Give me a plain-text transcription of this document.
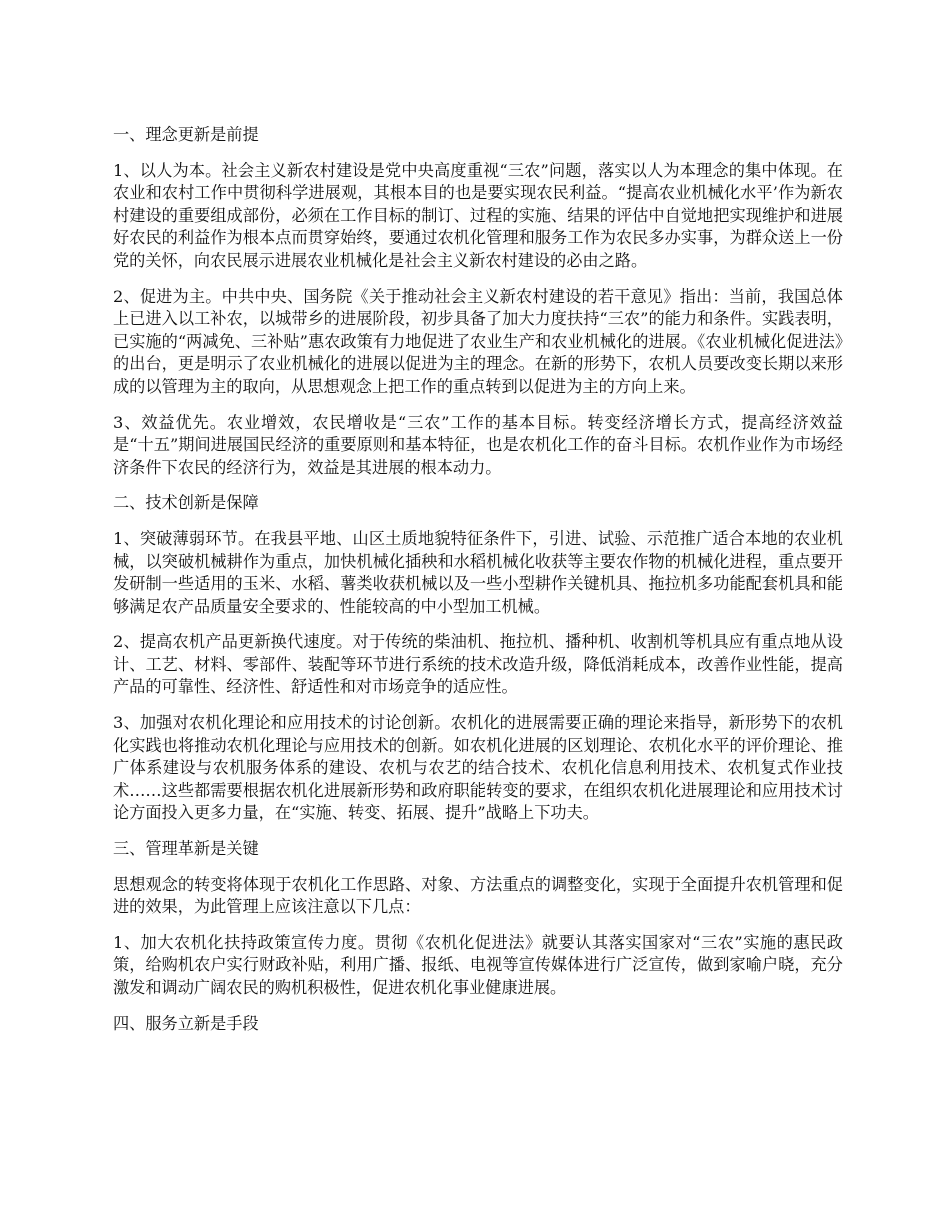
一、理念更新是前提
1、以人为本。社会主义新农村建设是党中央高度重视“三农”问题，落实以人为本理念的集中体现。在农业和农村工作中贯彻科学进展观，其根本目的也是要实现农民利益。“提高农业机械化水平’作为新农村建设的重要组成部份，必须在工作目标的制订、过程的实施、结果的评估中自觉地把实现维护和进展好农民的利益作为根本点而贯穿始终，要通过农机化管理和服务工作为农民多办实事，为群众送上一份党的关怀，向农民展示进展农业机械化是社会主义新农村建设的必由之路。
2、促进为主。中共中央、国务院《关于推动社会主义新农村建设的若干意见》指出：当前，我国总体上已进入以工补农，以城带乡的进展阶段，初步具备了加大力度扶持“三农”的能力和条件。实践表明，已实施的“两减免、三补贴”惠农政策有力地促进了农业生产和农业机械化的进展。《农业机械化促进法》的出台，更是明示了农业机械化的进展以促进为主的理念。在新的形势下，农机人员要改变长期以来形成的以管理为主的取向，从思想观念上把工作的重点转到以促进为主的方向上来。
3、效益优先。农业增效，农民增收是“三农”工作的基本目标。转变经济增长方式，提高经济效益是“十五”期间进展国民经济的重要原则和基本特征，也是农机化工作的奋斗目标。农机作业作为市场经济条件下农民的经济行为，效益是其进展的根本动力。
二、技术创新是保障
1、突破薄弱环节。在我县平地、山区土质地貌特征条件下，引进、试验、示范推广适合本地的农业机械，以突破机械耕作为重点，加快机械化插秧和水稻机械化收获等主要农作物的机械化进程，重点要开发研制一些适用的玉米、水稻、薯类收获机械以及一些小型耕作关键机具、拖拉机多功能配套机具和能够满足农产品质量安全要求的、性能较高的中小型加工机械。
2、提高农机产品更新换代速度。对于传统的柴油机、拖拉机、播种机、收割机等机具应有重点地从设计、工艺、材料、零部件、装配等环节进行系统的技术改造升级，降低消耗成本，改善作业性能，提高产品的可靠性、经济性、舒适性和对市场竞争的适应性。
3、加强对农机化理论和应用技术的讨论创新。农机化的进展需要正确的理论来指导，新形势下的农机化实践也将推动农机化理论与应用技术的创新。如农机化进展的区划理论、农机化水平的评价理论、推广体系建设与农机服务体系的建设、农机与农艺的结合技术、农机化信息利用技术、农机复式作业技术……这些都需要根据农机化进展新形势和政府职能转变的要求，在组织农机化进展理论和应用技术讨论方面投入更多力量，在“实施、转变、拓展、提升”战略上下功夫。
三、管理革新是关键
思想观念的转变将体现于农机化工作思路、对象、方法重点的调整变化，实现于全面提升农机管理和促进的效果，为此管理上应该注意以下几点：
1、加大农机化扶持政策宣传力度。贯彻《农机化促进法》就要认其落实国家对“三农”实施的惠民政策，给购机农户实行财政补贴，利用广播、报纸、电视等宣传媒体进行广泛宣传，做到家喻户晓，充分激发和调动广阔农民的购机积极性，促进农机化事业健康进展。
四、服务立新是手段
